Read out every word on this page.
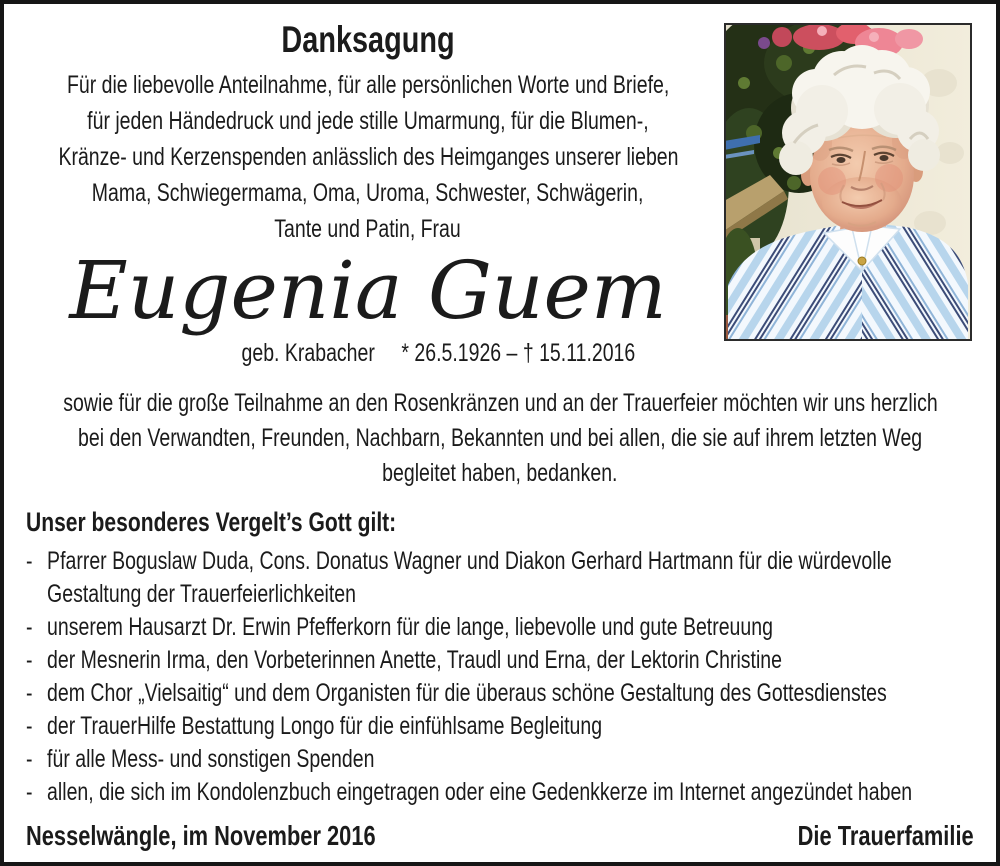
Danksagung
Für die liebevolle Anteilnahme, für alle persönlichen Worte und Briefe,
für jeden Händedruck und jede stille Umarmung, für die Blumen-,
Kränze- und Kerzenspenden anlässlich des Heimganges unserer lieben
Mama, Schwiegermama, Oma, Uroma, Schwester, Schwägerin,
Tante und Patin, Frau
Eugenia Guem
geb. Krabacher * 26.5.1926 – † 15.11.2016
sowie für die große Teilnahme an den Rosenkränzen und an der Trauerfeier möchten wir uns herzlich
bei den Verwandten, Freunden, Nachbarn, Bekannten und bei allen, die sie auf ihrem letzten Weg
begleitet haben, bedanken.
Unser besonderes Vergelt’s Gott gilt:
- Pfarrer Boguslaw Duda, Cons. Donatus Wagner und Diakon Gerhard Hartmann für die würdevolle
Gestaltung der Trauerfeierlichkeiten
- unserem Hausarzt Dr. Erwin Pfefferkorn für die lange, liebevolle und gute Betreuung
- der Mesnerin Irma, den Vorbeterinnen Anette, Traudl und Erna, der Lektorin Christine
- dem Chor „Vielsaitig“ und dem Organisten für die überaus schöne Gestaltung des Gottesdienstes
- der TrauerHilfe Bestattung Longo für die einfühlsame Begleitung
- für alle Mess- und sonstigen Spenden
- allen, die sich im Kondolenzbuch eingetragen oder eine Gedenkkerze im Internet angezündet haben
Nesselwängle, im November 2016	Die Trauerfamilie
